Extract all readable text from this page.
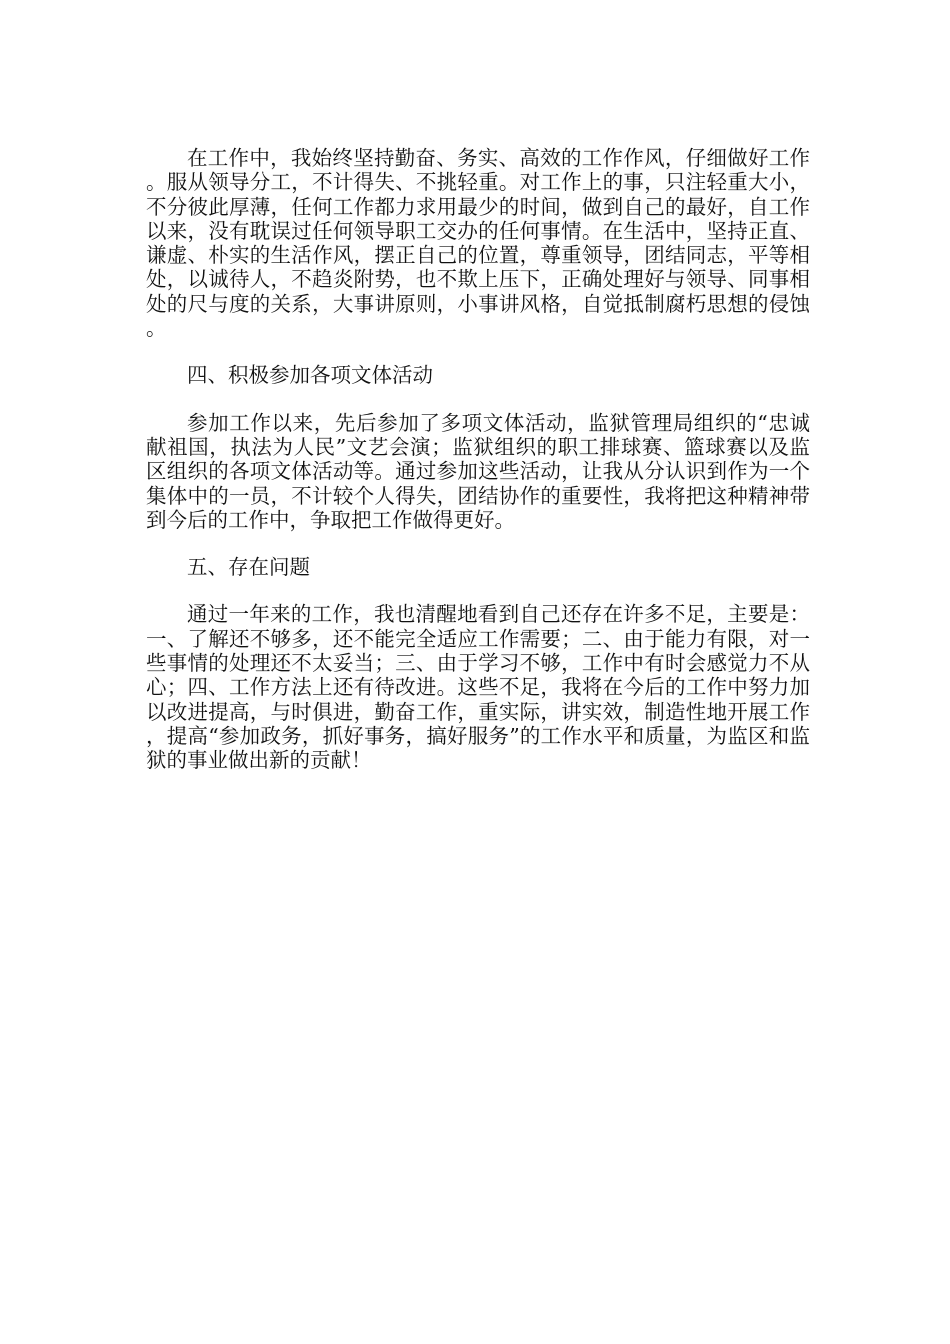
在工作中，我始终坚持勤奋、务实、高效的工作作风，仔细做好工作。服从领导分工，不计得失、不挑轻重。对工作上的事，只注轻重大小，不分彼此厚薄，任何工作都力求用最少的时间，做到自己的最好，自工作以来，没有耽误过任何领导职工交办的任何事情。在生活中，坚持正直、谦虚、朴实的生活作风，摆正自己的位置，尊重领导，团结同志，平等相处，以诚待人，不趋炎附势，也不欺上压下，正确处理好与领导、同事相处的尺与度的关系，大事讲原则，小事讲风格，自觉抵制腐朽思想的侵蚀。

四、积极参加各项文体活动

参加工作以来，先后参加了多项文体活动，监狱管理局组织的“忠诚献祖国，执法为人民”文艺会演；监狱组织的职工排球赛、篮球赛以及监区组织的各项文体活动等。通过参加这些活动，让我从分认识到作为一个集体中的一员，不计较个人得失，团结协作的重要性，我将把这种精神带到今后的工作中，争取把工作做得更好。

五、存在问题

通过一年来的工作，我也清醒地看到自己还存在许多不足，主要是：一、了解还不够多，还不能完全适应工作需要；二、由于能力有限，对一些事情的处理还不太妥当；三、由于学习不够，工作中有时会感觉力不从心；四、工作方法上还有待改进。这些不足，我将在今后的工作中努力加以改进提高，与时俱进，勤奋工作，重实际，讲实效，制造性地开展工作，提高“参加政务，抓好事务，搞好服务”的工作水平和质量，为监区和监狱的事业做出新的贡献！
